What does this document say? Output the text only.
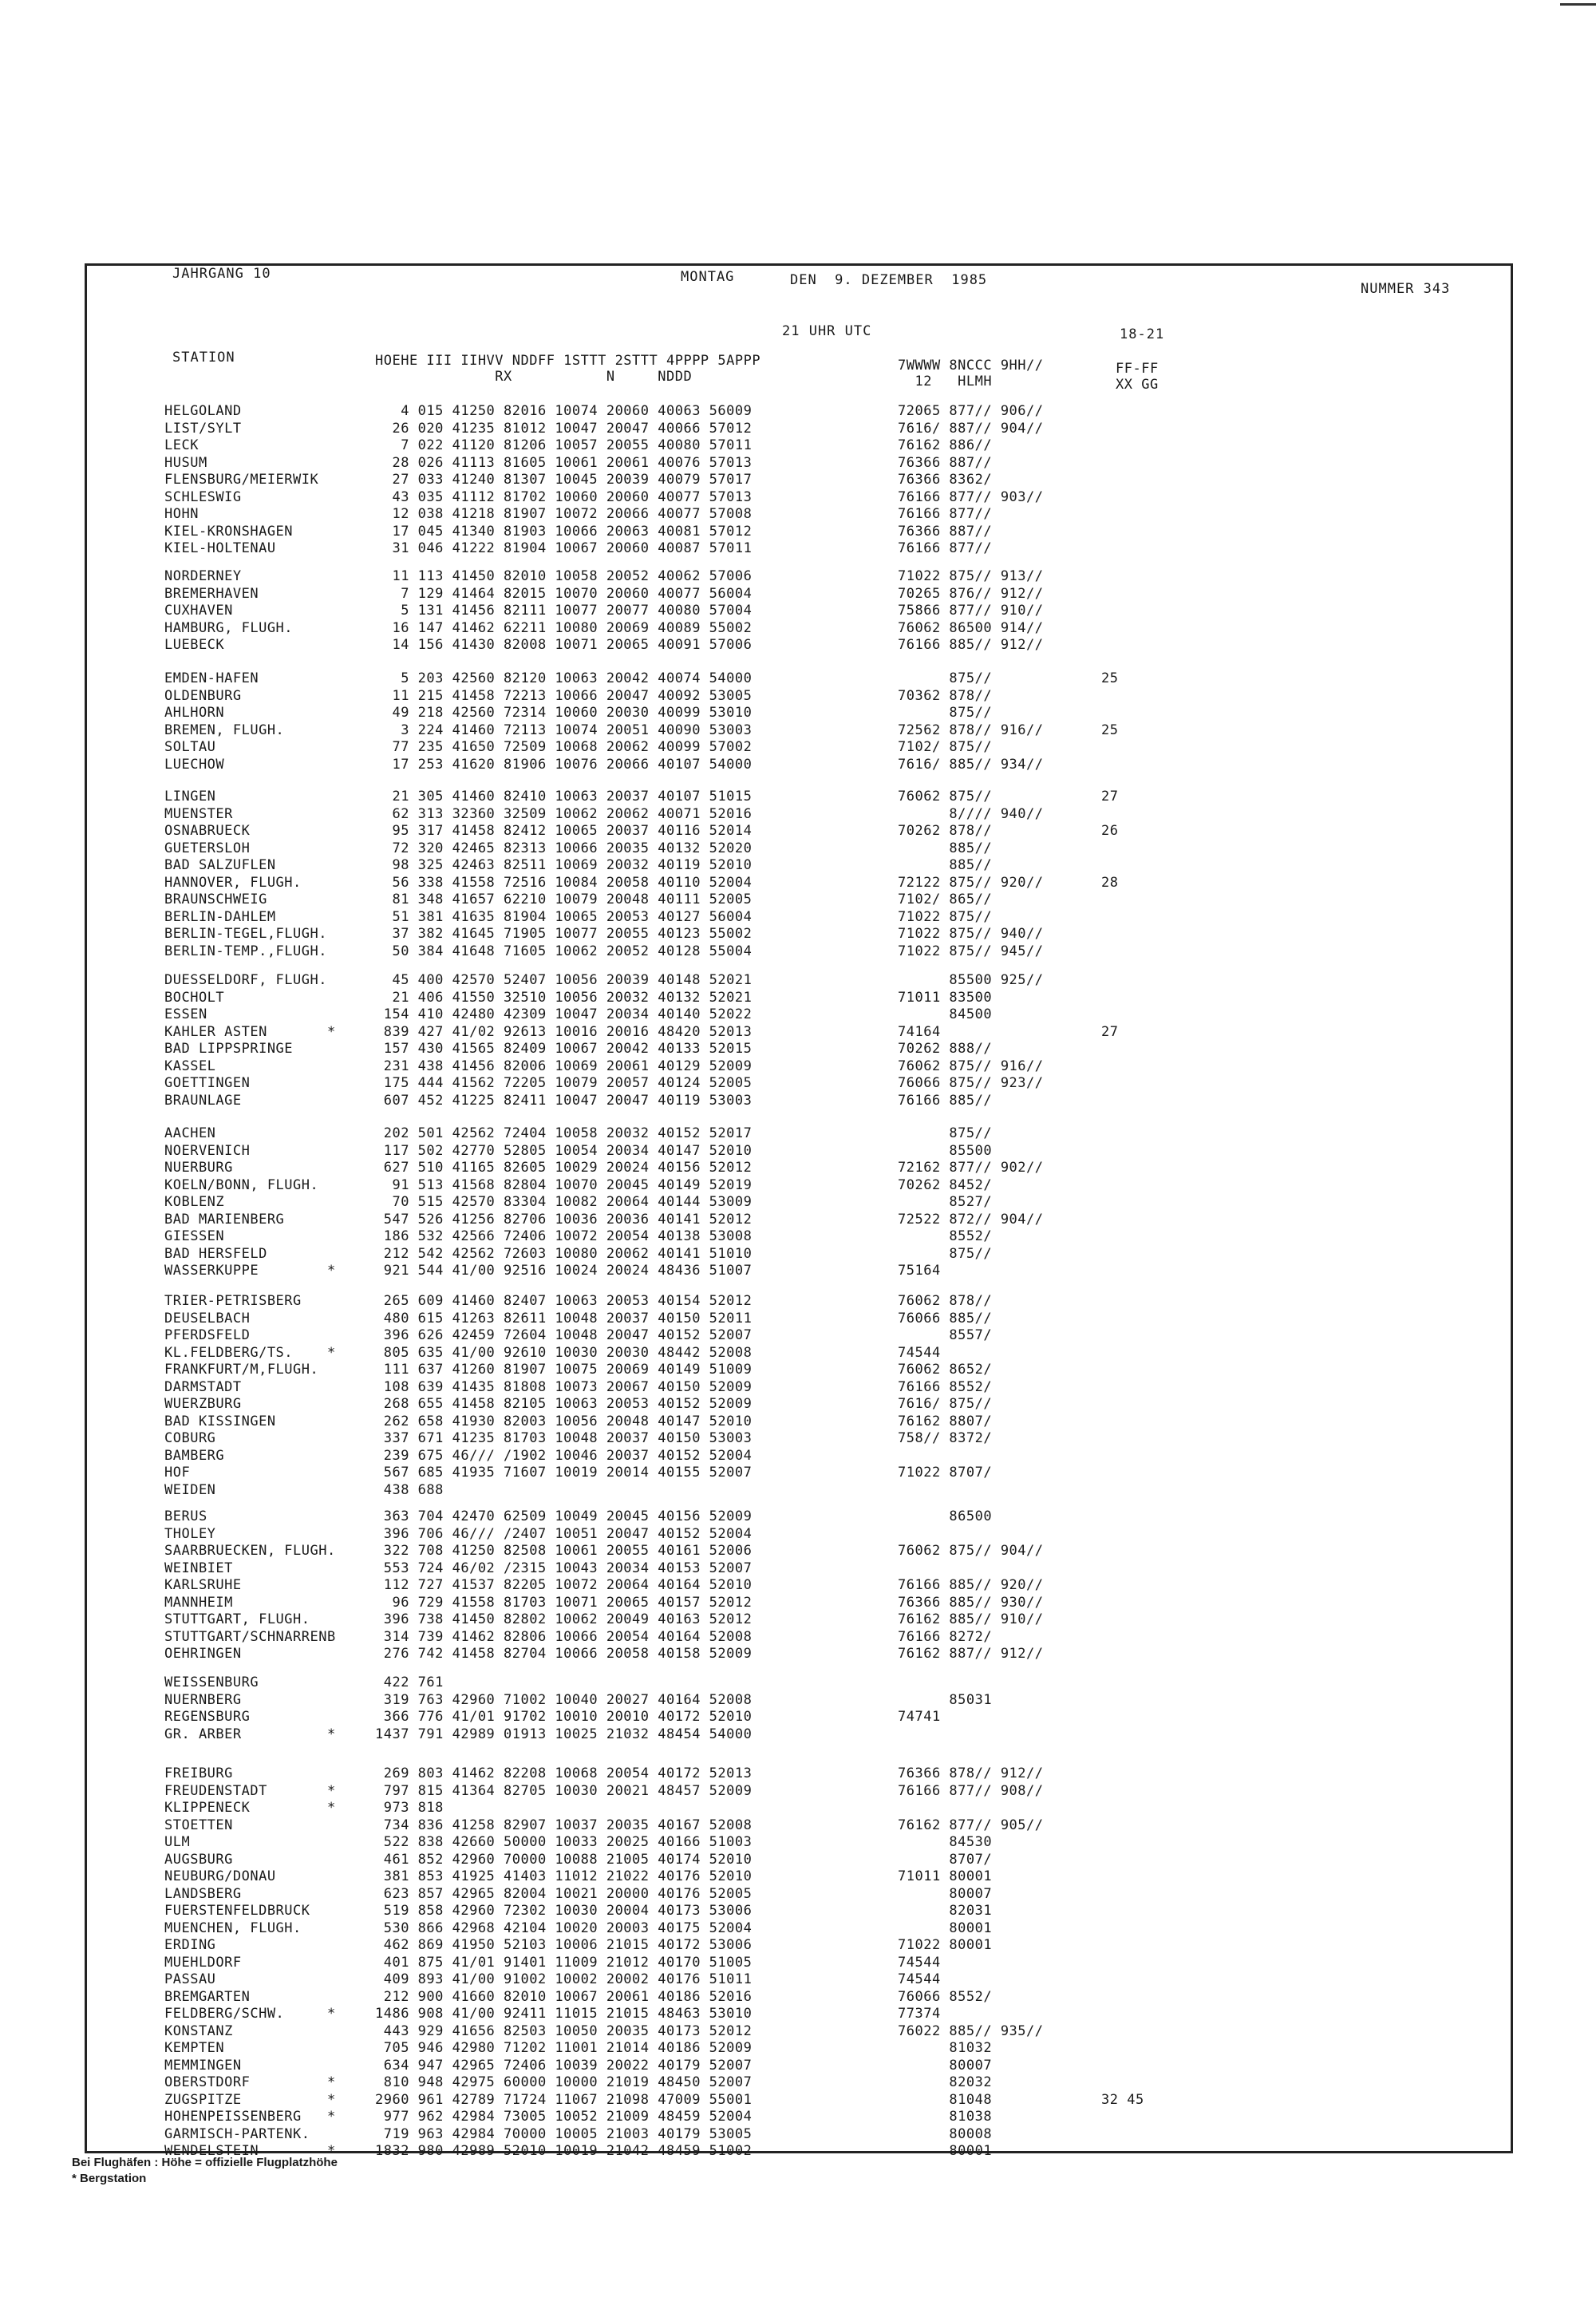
JAHRGANG 10	MONTAG	DEN  9. DEZEMBER  1985
NUMMER 343
21 UHR UTC	18-21
STATION	HOEHE III IIHVV NDDFF 1STTT 2STTT 4PPPP 5APPP
RX           N     NDDD
7WWWW 8NCCC 9HH//
12   HLMH
FF-FF
XX GG
HELGOLAND	4 015 41250 82016 10074 20060 40063 56009	72065 877// 906//
LIST/SYLT	26 020 41235 81012 10047 20047 40066 57012	7616/ 887// 904//
LECK	7 022 41120 81206 10057 20055 40080 57011	76162 886//
HUSUM	28 026 41113 81605 10061 20061 40076 57013	76366 887//
FLENSBURG/MEIERWIK	27 033 41240 81307 10045 20039 40079 57017	76366 8362/
SCHLESWIG	43 035 41112 81702 10060 20060 40077 57013	76166 877// 903//
HOHN	12 038 41218 81907 10072 20066 40077 57008	76166 877//
KIEL-KRONSHAGEN	17 045 41340 81903 10066 20063 40081 57012	76366 887//
KIEL-HOLTENAU	31 046 41222 81904 10067 20060 40087 57011	76166 877//
NORDERNEY	11 113 41450 82010 10058 20052 40062 57006	71022 875// 913//
BREMERHAVEN	7 129 41464 82015 10070 20060 40077 56004	70265 876// 912//
CUXHAVEN	5 131 41456 82111 10077 20077 40080 57004	75866 877// 910//
HAMBURG, FLUGH.	16 147 41462 62211 10080 20069 40089 55002	76062 86500 914//
LUEBECK	14 156 41430 82008 10071 20065 40091 57006	76166 885// 912//
EMDEN-HAFEN	5 203 42560 82120 10063 20042 40074 54000	875//	25
OLDENBURG	11 215 41458 72213 10066 20047 40092 53005	70362 878//
AHLHORN	49 218 42560 72314 10060 20030 40099 53010	875//
BREMEN, FLUGH.	3 224 41460 72113 10074 20051 40090 53003	72562 878// 916//	25
SOLTAU	77 235 41650 72509 10068 20062 40099 57002	7102/ 875//
LUECHOW	17 253 41620 81906 10076 20066 40107 54000	7616/ 885// 934//
LINGEN	21 305 41460 82410 10063 20037 40107 51015	76062 875//	27
MUENSTER	62 313 32360 32509 10062 20062 40071 52016	8//// 940//
OSNABRUECK	95 317 41458 82412 10065 20037 40116 52014	70262 878//	26
GUETERSLOH	72 320 42465 82313 10066 20035 40132 52020	885//
BAD SALZUFLEN	98 325 42463 82511 10069 20032 40119 52010	885//
HANNOVER, FLUGH.	56 338 41558 72516 10084 20058 40110 52004	72122 875// 920//	28
BRAUNSCHWEIG	81 348 41657 62210 10079 20048 40111 52005	7102/ 865//
BERLIN-DAHLEM	51 381 41635 81904 10065 20053 40127 56004	71022 875//
BERLIN-TEGEL,FLUGH.	37 382 41645 71905 10077 20055 40123 55002	71022 875// 940//
BERLIN-TEMP.,FLUGH.	50 384 41648 71605 10062 20052 40128 55004	71022 875// 945//
DUESSELDORF, FLUGH.	45 400 42570 52407 10056 20039 40148 52021	85500 925//
BOCHOLT	21 406 41550 32510 10056 20032 40132 52021	71011 83500
ESSEN	154 410 42480 42309 10047 20034 40140 52022	84500
KAHLER ASTEN	*	839 427 41/02 92613 10016 20016 48420 52013	74164	27
BAD LIPPSPRINGE	157 430 41565 82409 10067 20042 40133 52015	70262 888//
KASSEL	231 438 41456 82006 10069 20061 40129 52009	76062 875// 916//
GOETTINGEN	175 444 41562 72205 10079 20057 40124 52005	76066 875// 923//
BRAUNLAGE	607 452 41225 82411 10047 20047 40119 53003	76166 885//
AACHEN	202 501 42562 72404 10058 20032 40152 52017	875//
NOERVENICH	117 502 42770 52805 10054 20034 40147 52010	85500
NUERBURG	627 510 41165 82605 10029 20024 40156 52012	72162 877// 902//
KOELN/BONN, FLUGH.	91 513 41568 82804 10070 20045 40149 52019	70262 8452/
KOBLENZ	70 515 42570 83304 10082 20064 40144 53009	8527/
BAD MARIENBERG	547 526 41256 82706 10036 20036 40141 52012	72522 872// 904//
GIESSEN	186 532 42566 72406 10072 20054 40138 53008	8552/
BAD HERSFELD	212 542 42562 72603 10080 20062 40141 51010	875//
WASSERKUPPE	*	921 544 41/00 92516 10024 20024 48436 51007	75164
TRIER-PETRISBERG	265 609 41460 82407 10063 20053 40154 52012	76062 878//
DEUSELBACH	480 615 41263 82611 10048 20037 40150 52011	76066 885//
PFERDSFELD	396 626 42459 72604 10048 20047 40152 52007	8557/
KL.FELDBERG/TS.	*	805 635 41/00 92610 10030 20030 48442 52008	74544
FRANKFURT/M,FLUGH.	111 637 41260 81907 10075 20069 40149 51009	76062 8652/
DARMSTADT	108 639 41435 81808 10073 20067 40150 52009	76166 8552/
WUERZBURG	268 655 41458 82105 10063 20053 40152 52009	7616/ 875//
BAD KISSINGEN	262 658 41930 82003 10056 20048 40147 52010	76162 8807/
COBURG	337 671 41235 81703 10048 20037 40150 53003	758// 8372/
BAMBERG	239 675 46/// /1902 10046 20037 40152 52004
HOF	567 685 41935 71607 10019 20014 40155 52007	71022 8707/
WEIDEN	438 688
BERUS	363 704 42470 62509 10049 20045 40156 52009	86500
THOLEY	396 706 46/// /2407 10051 20047 40152 52004
SAARBRUECKEN, FLUGH.	322 708 41250 82508 10061 20055 40161 52006	76062 875// 904//
WEINBIET	553 724 46/02 /2315 10043 20034 40153 52007
KARLSRUHE	112 727 41537 82205 10072 20064 40164 52010	76166 885// 920//
MANNHEIM	96 729 41558 81703 10071 20065 40157 52012	76366 885// 930//
STUTTGART, FLUGH.	396 738 41450 82802 10062 20049 40163 52012	76162 885// 910//
STUTTGART/SCHNARRENB	314 739 41462 82806 10066 20054 40164 52008	76166 8272/
OEHRINGEN	276 742 41458 82704 10066 20058 40158 52009	76162 887// 912//
WEISSENBURG	422 761
NUERNBERG	319 763 42960 71002 10040 20027 40164 52008	85031
REGENSBURG	366 776 41/01 91702 10010 20010 40172 52010	74741
GR. ARBER	*	1437 791 42989 01913 10025 21032 48454 54000
FREIBURG	269 803 41462 82208 10068 20054 40172 52013	76366 878// 912//
FREUDENSTADT	*	797 815 41364 82705 10030 20021 48457 52009	76166 877// 908//
KLIPPENECK	*	973 818
STOETTEN	734 836 41258 82907 10037 20035 40167 52008	76162 877// 905//
ULM	522 838 42660 50000 10033 20025 40166 51003	84530
AUGSBURG	461 852 42960 70000 10088 21005 40174 52010	8707/
NEUBURG/DONAU	381 853 41925 41403 11012 21022 40176 52010	71011 80001
LANDSBERG	623 857 42965 82004 10021 20000 40176 52005	80007
FUERSTENFELDBRUCK	519 858 42960 72302 10030 20004 40173 53006	82031
MUENCHEN, FLUGH.	530 866 42968 42104 10020 20003 40175 52004	80001
ERDING	462 869 41950 52103 10006 21015 40172 53006	71022 80001
MUEHLDORF	401 875 41/01 91401 11009 21012 40170 51005	74544
PASSAU	409 893 41/00 91002 10002 20002 40176 51011	74544
BREMGARTEN	212 900 41660 82010 10067 20061 40186 52016	76066 8552/
FELDBERG/SCHW.	*	1486 908 41/00 92411 11015 21015 48463 53010	77374
KONSTANZ	443 929 41656 82503 10050 20035 40173 52012	76022 885// 935//
KEMPTEN	705 946 42980 71202 11001 21014 40186 52009	81032
MEMMINGEN	634 947 42965 72406 10039 20022 40179 52007	80007
OBERSTDORF	*	810 948 42975 60000 10000 21019 48450 52007	82032
ZUGSPITZE	*	2960 961 42789 71724 11067 21098 47009 55001	81048	32 45
HOHENPEISSENBERG *	977 962 42984 73005 10052 21009 48459 52004	81038
GARMISCH-PARTENK.	719 963 42984 70000 10005 21003 40179 53005	80008
WENDELSTEIN	*	1832 980 42989 52010 10019 21042 48459 51002	80001
Bei Flughäfen : Höhe = offizielle Flugplatzhöhe
* Bergstation
